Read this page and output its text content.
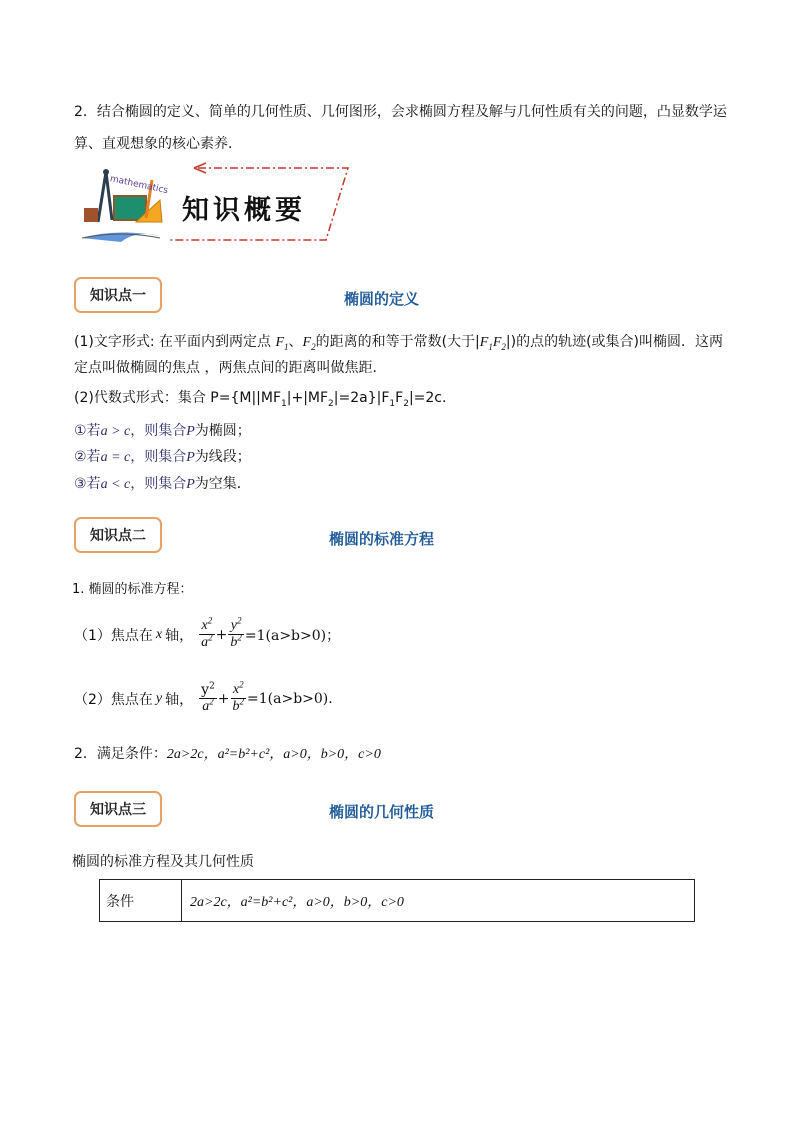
2．结合椭圆的定义、简单的几何性质、几何图形，会求椭圆方程及解与几何性质有关的问题，凸显数学运
算、直观想象的核心素养．
mathematics
知识概要
知识点一	椭圆的定义
(1)文字形式: 在平面内到两定点 $F_1$、$F_2$的距离的和等于常数(大于$|F_1F_2|$)的点的轨迹(或集合)叫椭圆．这两
定点叫做椭圆的焦点 ，两焦点间的距离叫做焦距．
(2)代数式形式：集合 $P=\{M||MF_1|+|MF_2|=2a\}|F_1F_2|=2c$.
①若a > c，则集合P为椭圆；
②若a = c，则集合P为线段；
③若a < c，则集合P为空集．
知识点二	椭圆的标准方程
1. 椭圆的标准方程：
（1）焦点在 x 轴， $\frac{x^2}{a^2} + \frac{y^2}{b^2} =1(a>b>0)$；
（2）焦点在 y 轴， $\frac{y^2}{a^2} + \frac{x^2}{b^2} =1(a>b>0)$.
2．满足条件：2a>2c，a²=b²+c²，a>0，b>0，c>0
知识点三	椭圆的几何性质
椭圆的标准方程及其几何性质
条件	2a>2c，a²=b²+c²，a>0，b>0，c>0
